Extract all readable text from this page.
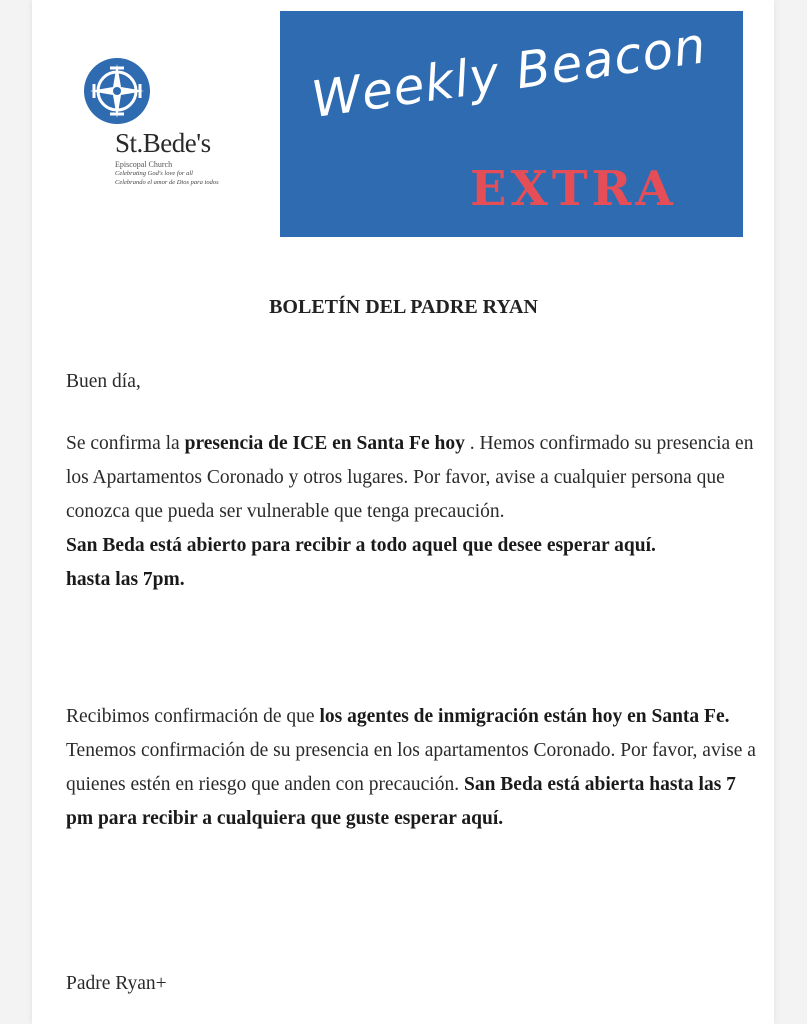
St.Bede's
Episcopal Church
Celebrating God's love for all
Celebrando el amor de Dios para todos
Weekly Beacon
EXTRA
BOLETÍN DEL PADRE RYAN
Buen día,
Se confirma la presencia de ICE en Santa Fe hoy . Hemos confirmado su presencia en los Apartamentos Coronado y otros lugares. Por favor, avise a cualquier persona que conozca que pueda ser vulnerable que tenga precaución.
San Beda está abierto para recibir a todo aquel que desee esperar aquí.
hasta las 7pm.
Recibimos confirmación de que los agentes de inmigración están hoy en Santa Fe. Tenemos confirmación de su presencia en los apartamentos Coronado. Por favor, avise a quienes estén en riesgo que anden con precaución. San Beda está abierta hasta las 7 pm para recibir a cualquiera que guste esperar aquí.
Padre Ryan+
